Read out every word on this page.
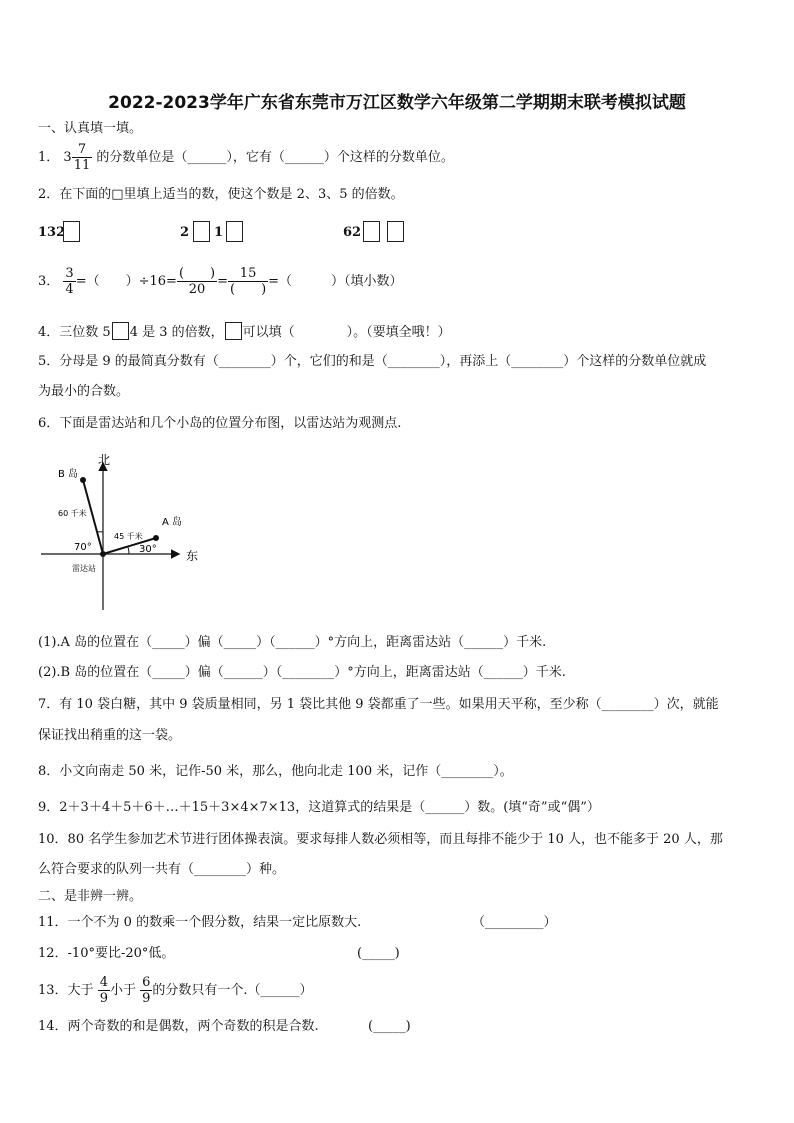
2022-2023学年广东省东莞市万江区数学六年级第二学期期末联考模拟试题
一、认真填一填。
1． $3 \frac{7}{11}$ 的分数单位是（______），它有（______）个这样的分数单位。
2．在下面的□里填上适当的数，使这个数是 2、3、5 的倍数。
132	2 1	62
3． $\frac{3}{4}$ =（　　）$\div 16= \frac{( )}{20} = \frac{15}{( )}$ =（　　　）（填小数）
4．三位数 5 4 是 3 的倍数， 可以填（　　　　）。（要填全哦！）
5．分母是 9 的最简真分数有（________）个，它们的和是（________），再添上（________）个这样的分数单位就成
为最小的合数。
6．下面是雷达站和几个小岛的位置分布图，以雷达站为观测点.
北
东
B 岛
A 岛
60 千米
45 千米
70°	30°
雷达站
(1).A 岛的位置在（_____）偏（_____）（______）°方向上，距离雷达站（______）千米.
(2).B 岛的位置在（_____）偏（______）（________）°方向上，距离雷达站（______）千米.
7．有 10 袋白糖，其中 9 袋质量相同，另 1 袋比其他 9 袋都重了一些。如果用天平称，至少称（________）次，就能
保证找出稍重的这一袋。
8．小文向南走 50 米，记作-50 米，那么，他向北走 100 米，记作（________）。
9．2＋3＋4＋5＋6＋…＋15＋3×4×7×13，这道算式的结果是（______）数。(填“奇”或“偶”）
10．80 名学生参加艺术节进行团体操表演。要求每排人数必须相等，而且每排不能少于 10 人，也不能多于 20 人，那
么符合要求的队列一共有（________）种。
二、是非辨一辨。
11．一个不为 0 的数乘一个假分数，结果一定比原数大.	（_________）
12．-10°要比-20°低。	(_____)
13．大于 $\frac{4}{9}$ 小于 $\frac{6}{9}$ 的分数只有一个.（______）
14．两个奇数的和是偶数，两个奇数的积是合数.	(_____)
